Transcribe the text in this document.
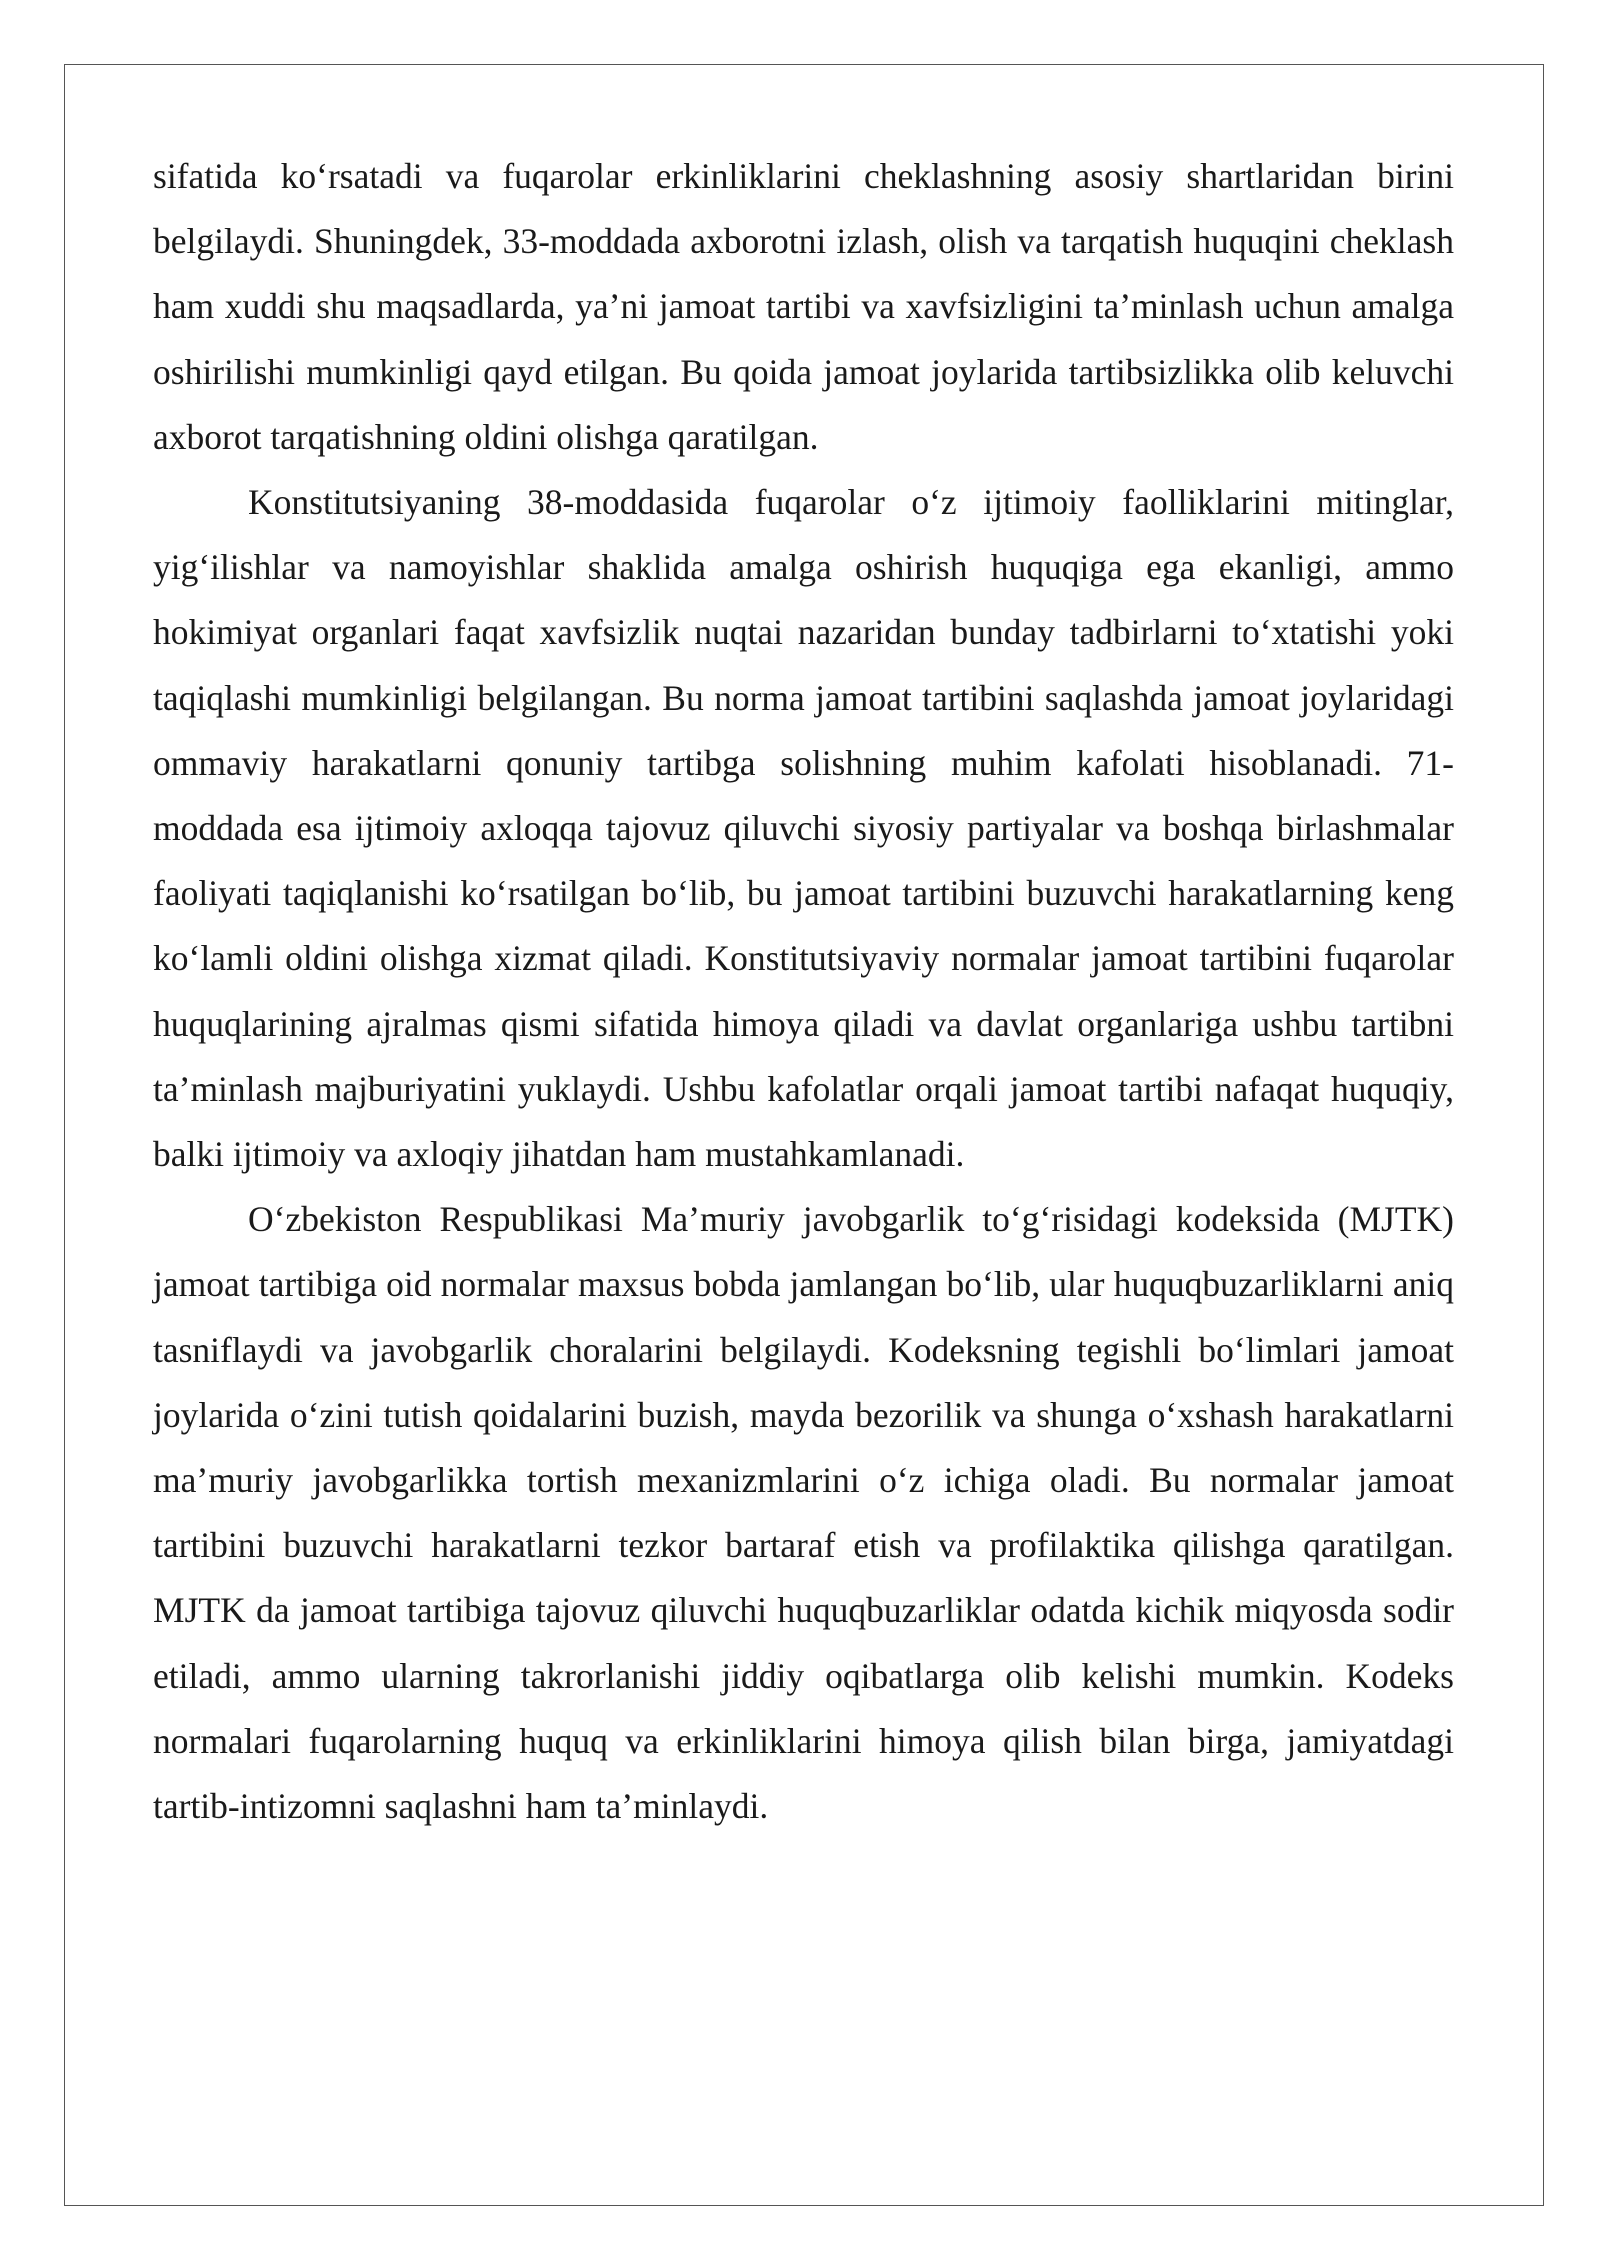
sifatida ko‘rsatadi va fuqarolar erkinliklarini cheklashning asosiy shartlaridan birini belgilaydi. Shuningdek, 33-moddada axborotni izlash, olish va tarqatish huquqini cheklash ham xuddi shu maqsadlarda, ya’ni jamoat tartibi va xavfsizligini ta’minlash uchun amalga oshirilishi mumkinligi qayd etilgan. Bu qoida jamoat joylarida tartibsizlikka olib keluvchi axborot tarqatishning oldini olishga qaratilgan.

Konstitutsiyaning 38-moddasida fuqarolar o‘z ijtimoiy faolliklarini mitinglar, yig‘ilishlar va namoyishlar shaklida amalga oshirish huquqiga ega ekanligi, ammo hokimiyat organlari faqat xavfsizlik nuqtai nazaridan bunday tadbirlarni to‘xtatishi yoki taqiqlashi mumkinligi belgilangan. Bu norma jamoat tartibini saqlashda jamoat joylaridagi ommaviy harakatlarni qonuniy tartibga solishning muhim kafolati hisoblanadi. 71-moddada esa ijtimoiy axloqqa tajovuz qiluvchi siyosiy partiyalar va boshqa birlashmalar faoliyati taqiqlanishi ko‘rsatilgan bo‘lib, bu jamoat tartibini buzuvchi harakatlarning keng ko‘lamli oldini olishga xizmat qiladi. Konstitutsiyaviy normalar jamoat tartibini fuqarolar huquqlarining ajralmas qismi sifatida himoya qiladi va davlat organlariga ushbu tartibni ta’minlash majburiyatini yuklaydi. Ushbu kafolatlar orqali jamoat tartibi nafaqat huquqiy, balki ijtimoiy va axloqiy jihatdan ham mustahkamlanadi.

O‘zbekiston Respublikasi Ma’muriy javobgarlik to‘g‘risidagi kodeksida (MJTK) jamoat tartibiga oid normalar maxsus bobda jamlangan bo‘lib, ular huquqbuzarliklarni aniq tasniflaydi va javobgarlik choralarini belgilaydi. Kodeksning tegishli bo‘limlari jamoat joylarida o‘zini tutish qoidalarini buzish, mayda bezorilik va shunga o‘xshash harakatlarni ma’muriy javobgarlikka tortish mexanizmlarini o‘z ichiga oladi. Bu normalar jamoat tartibini buzuvchi harakatlarni tezkor bartaraf etish va profilaktika qilishga qaratilgan. MJTK da jamoat tartibiga tajovuz qiluvchi huquqbuzarliklar odatda kichik miqyosda sodir etiladi, ammo ularning takrorlanishi jiddiy oqibatlarga olib kelishi mumkin. Kodeks normalari fuqarolarning huquq va erkinliklarini himoya qilish bilan birga, jamiyatdagi tartib-intizomni saqlashni ham ta’minlaydi.
